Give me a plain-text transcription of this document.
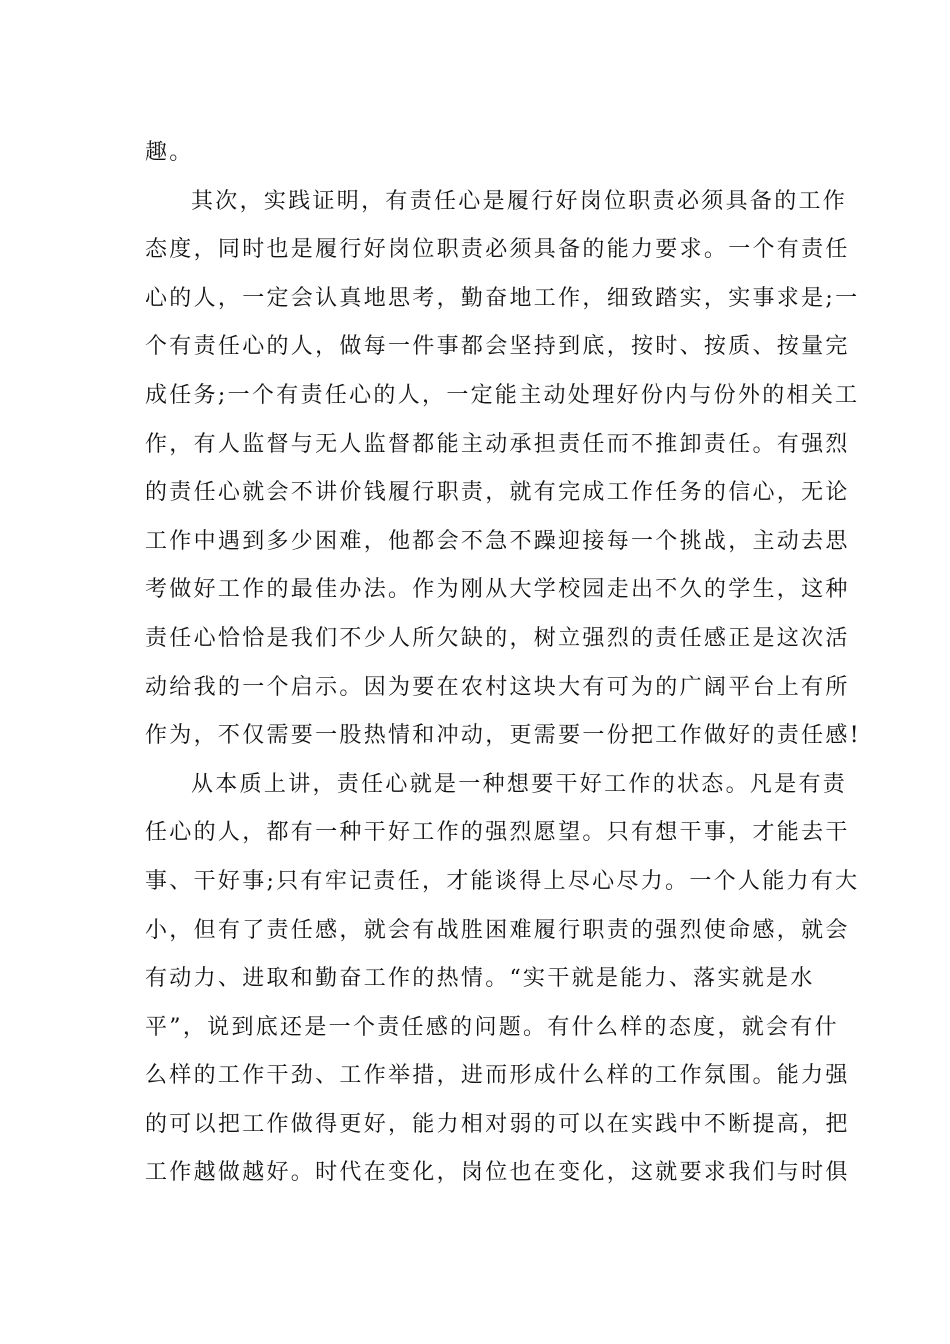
趣。
其次，实践证明，有责任心是履行好岗位职责必须具备的工作
态度，同时也是履行好岗位职责必须具备的能力要求。一个有责任
心的人，一定会认真地思考，勤奋地工作，细致踏实，实事求是;一
个有责任心的人，做每一件事都会坚持到底，按时、按质、按量完
成任务;一个有责任心的人，一定能主动处理好份内与份外的相关工
作，有人监督与无人监督都能主动承担责任而不推卸责任。有强烈
的责任心就会不讲价钱履行职责，就有完成工作任务的信心，无论
工作中遇到多少困难，他都会不急不躁迎接每一个挑战，主动去思
考做好工作的最佳办法。作为刚从大学校园走出不久的学生，这种
责任心恰恰是我们不少人所欠缺的，树立强烈的责任感正是这次活
动给我的一个启示。因为要在农村这块大有可为的广阔平台上有所
作为，不仅需要一股热情和冲动，更需要一份把工作做好的责任感!
从本质上讲，责任心就是一种想要干好工作的状态。凡是有责
任心的人，都有一种干好工作的强烈愿望。只有想干事，才能去干
事、干好事;只有牢记责任，才能谈得上尽心尽力。一个人能力有大
小，但有了责任感，就会有战胜困难履行职责的强烈使命感，就会
有动力、进取和勤奋工作的热情。“实干就是能力、落实就是水
平”，说到底还是一个责任感的问题。有什么样的态度，就会有什
么样的工作干劲、工作举措，进而形成什么样的工作氛围。能力强
的可以把工作做得更好，能力相对弱的可以在实践中不断提高，把
工作越做越好。时代在变化，岗位也在变化，这就要求我们与时俱
